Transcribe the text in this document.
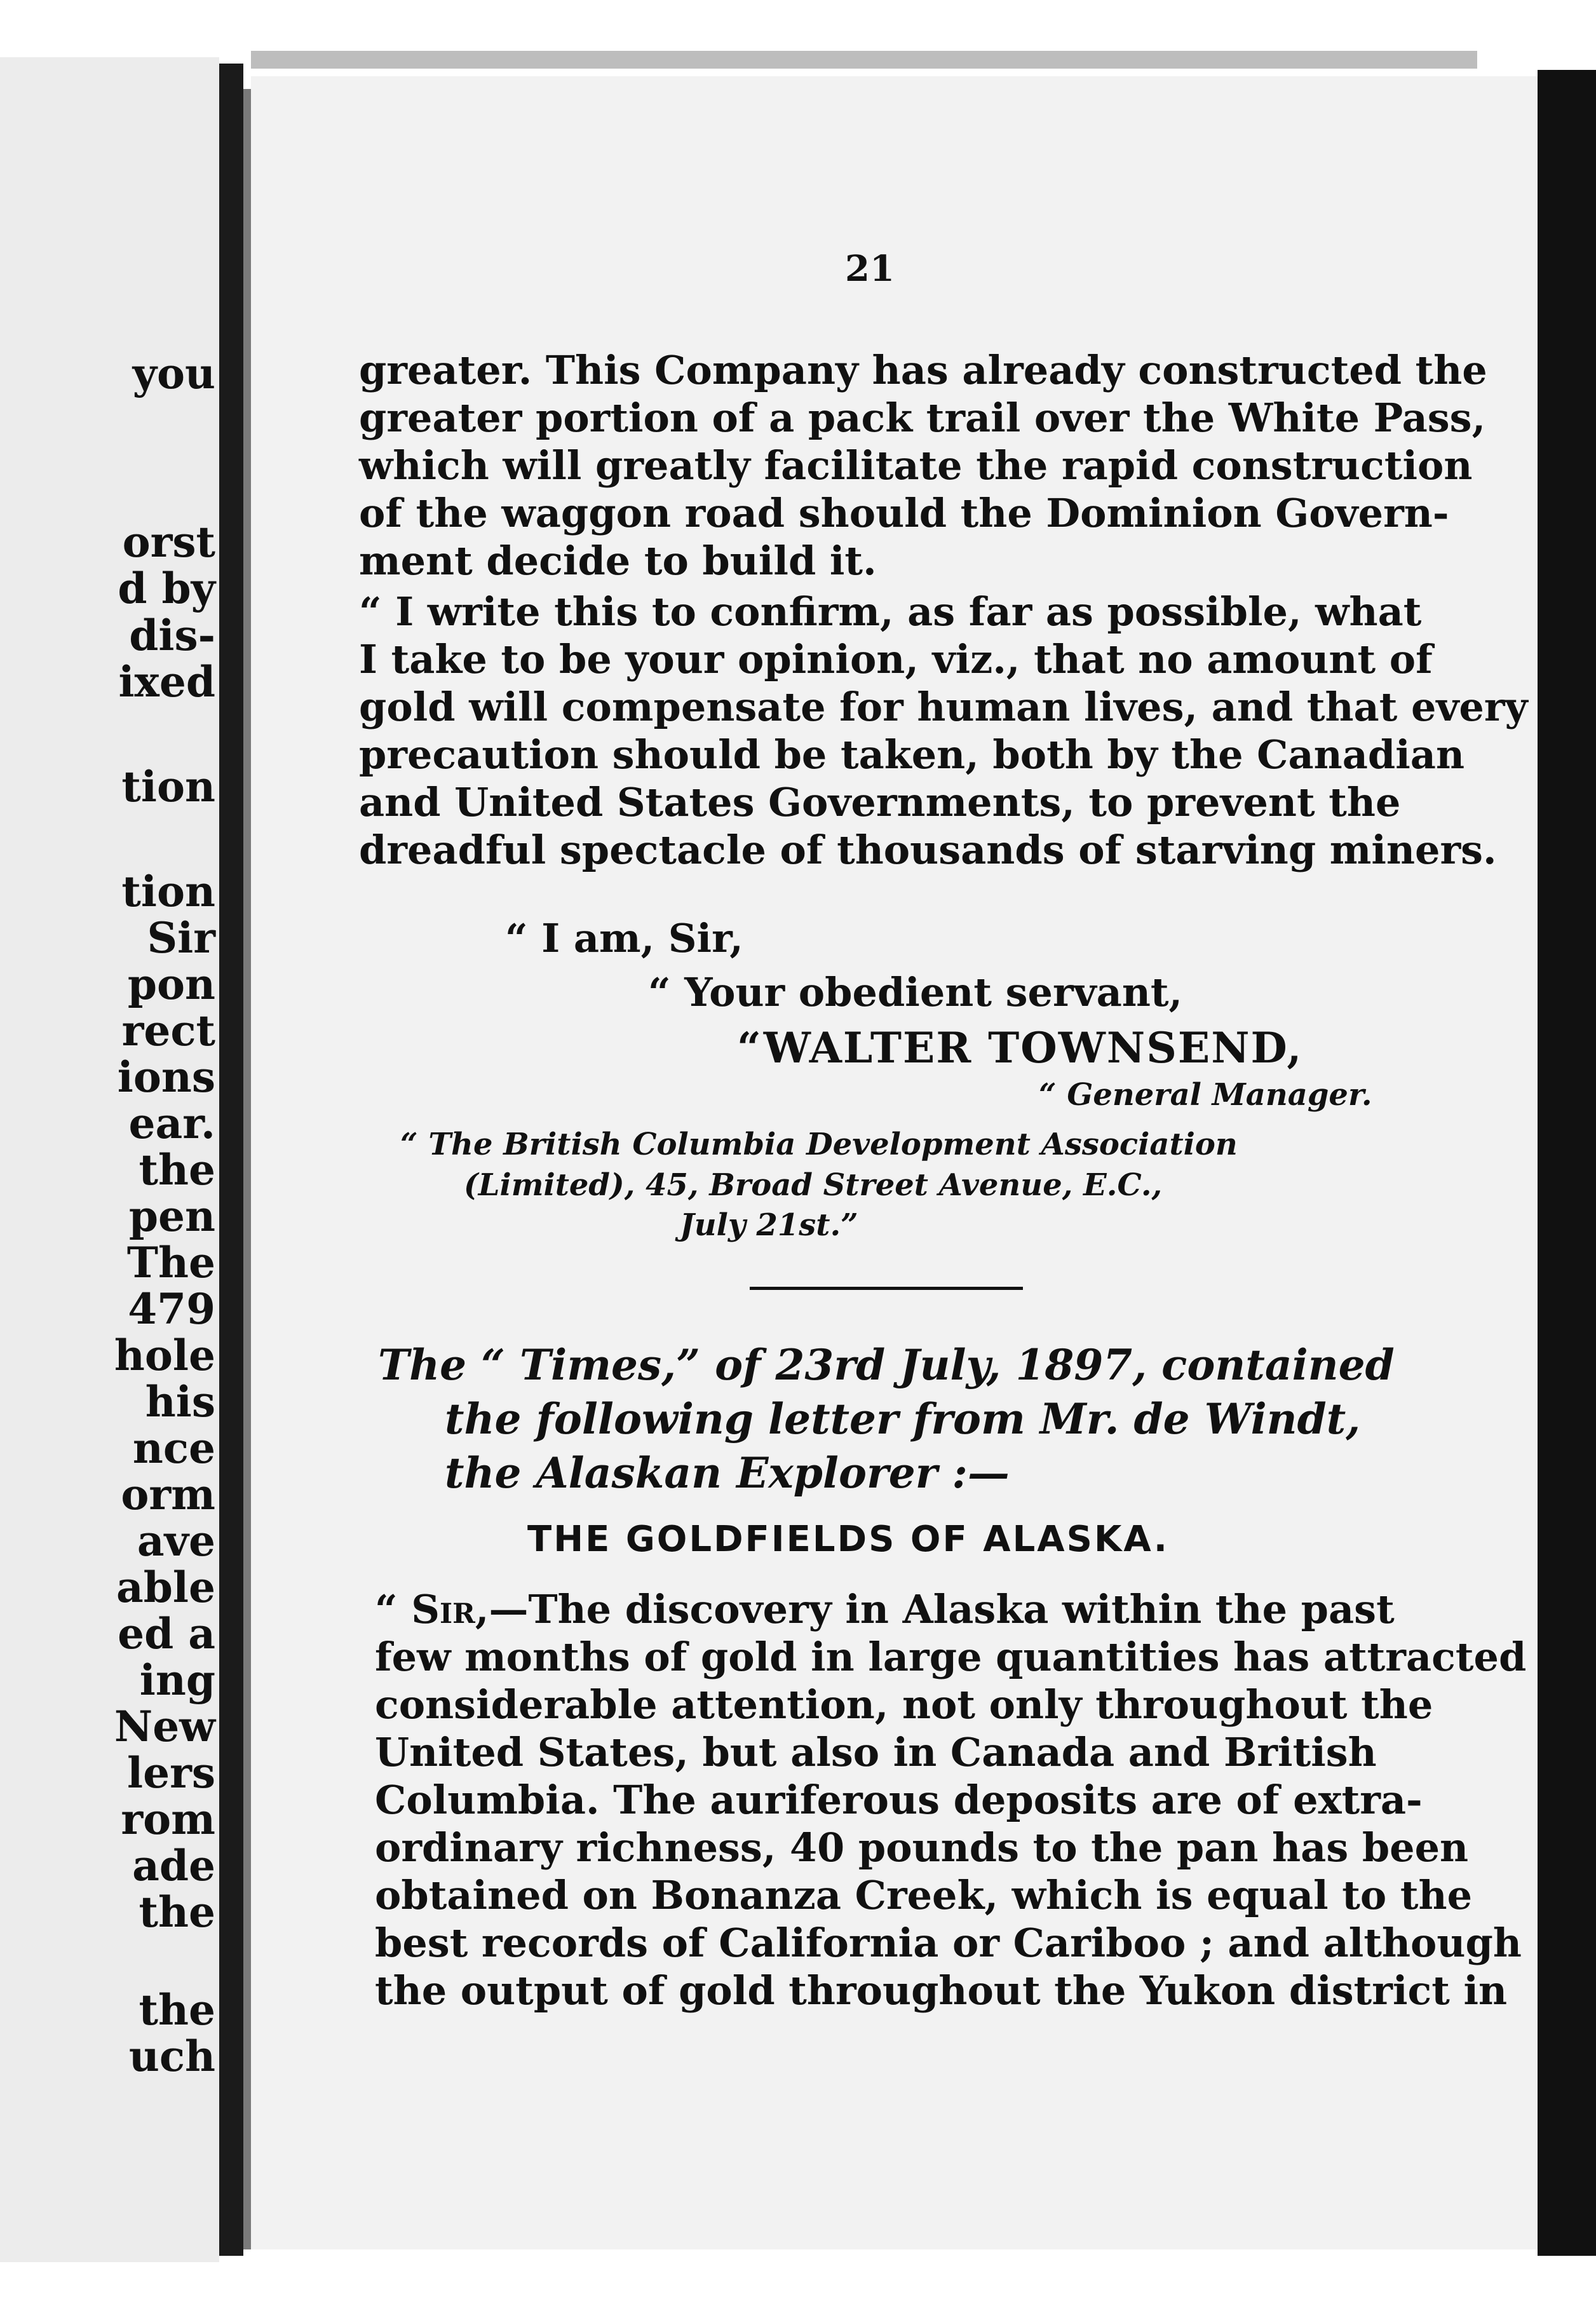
you
orst
d by
dis-
ixed
tion
tion
Sir
pon
rect
ions
ear.
the
pen
The
479
hole
his
nce
orm
ave
able
ed a
ing
New
lers
rom
ade
the
the
uch
21
greater. This Company has already constructed the
greater portion of a pack trail over the White Pass,
which will greatly facilitate the rapid construction
of the waggon road should the Dominion Govern-
ment decide to build it.
“ I write this to confirm, as far as possible, what
I take to be your opinion, viz., that no amount of
gold will compensate for human lives, and that every
precaution should be taken, both by the Canadian
and United States Governments, to prevent the
dreadful spectacle of thousands of starving miners.
“ I am, Sir,
“ Your obedient servant,
“WALTER TOWNSEND,
“ General Manager.
“ The British Columbia Development Association
(Limited), 45, Broad Street Avenue, E.C.,
July 21st.”
The “ Times,” of 23rd July, 1897, contained
the following letter from Mr. de Windt,
the Alaskan Explorer :—
THE GOLDFIELDS OF ALASKA.
“ Sir,—The discovery in Alaska within the past
few months of gold in large quantities has attracted
considerable attention, not only throughout the
United States, but also in Canada and British
Columbia. The auriferous deposits are of extra-
ordinary richness, 40 pounds to the pan has been
obtained on Bonanza Creek, which is equal to the
best records of California or Cariboo ; and although
the output of gold throughout the Yukon district in
